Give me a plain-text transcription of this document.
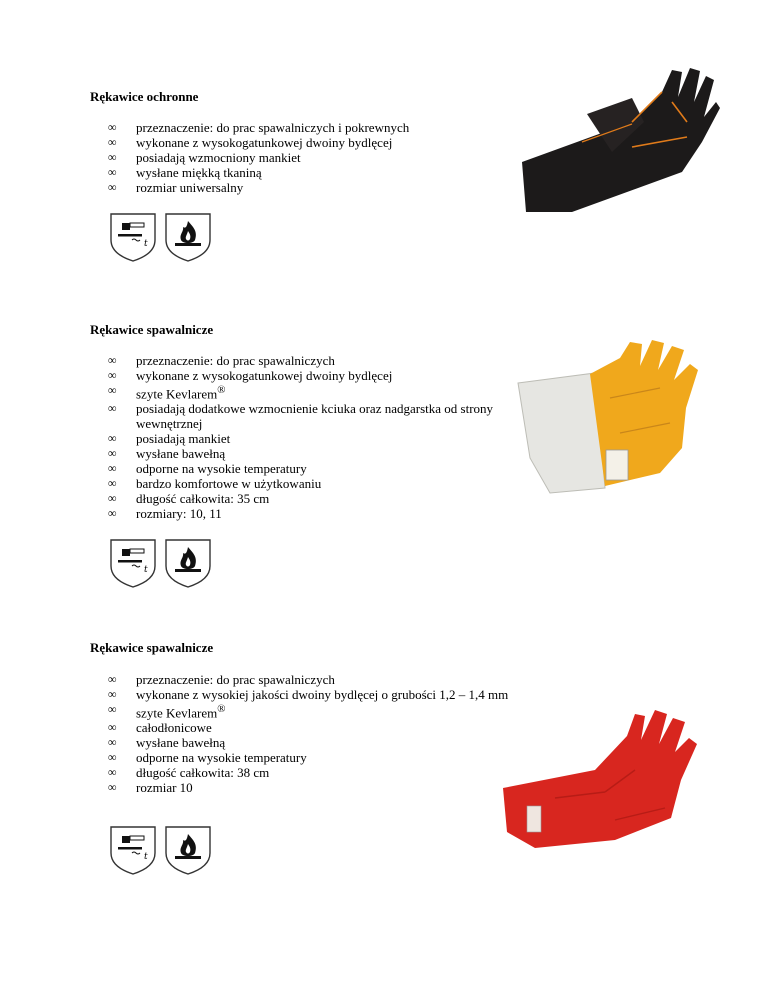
Rękawice ochronne
∞ przeznaczenie: do prac spawalniczych i pokrewnych
∞ wykonane z wysokogatunkowej dwoiny bydlęcej
∞ posiadają wzmocniony mankiet
∞ wysłane miękką tkaniną
∞ rozmiar uniwersalny
t
Rękawice spawalnicze
∞ przeznaczenie: do prac spawalniczych
∞ wykonane z wysokogatunkowej dwoiny bydlęcej
∞ szyte Kevlarem®
∞ posiadają dodatkowe wzmocnienie kciuka oraz nadgarstka od strony wewnętrznej
∞ posiadają mankiet
∞ wysłane bawełną
∞ odporne na wysokie temperatury
∞ bardzo komfortowe w użytkowaniu
∞ długość całkowita: 35 cm
∞ rozmiary: 10, 11
t
Rękawice spawalnicze
∞ przeznaczenie: do prac spawalniczych
∞ wykonane z wysokiej jakości dwoiny bydlęcej o grubości 1,2 – 1,4 mm
∞ szyte Kevlarem®
∞ całodłonicowe
∞ wysłane bawełną
∞ odporne na wysokie temperatury
∞ długość całkowita: 38 cm
∞ rozmiar 10
t
